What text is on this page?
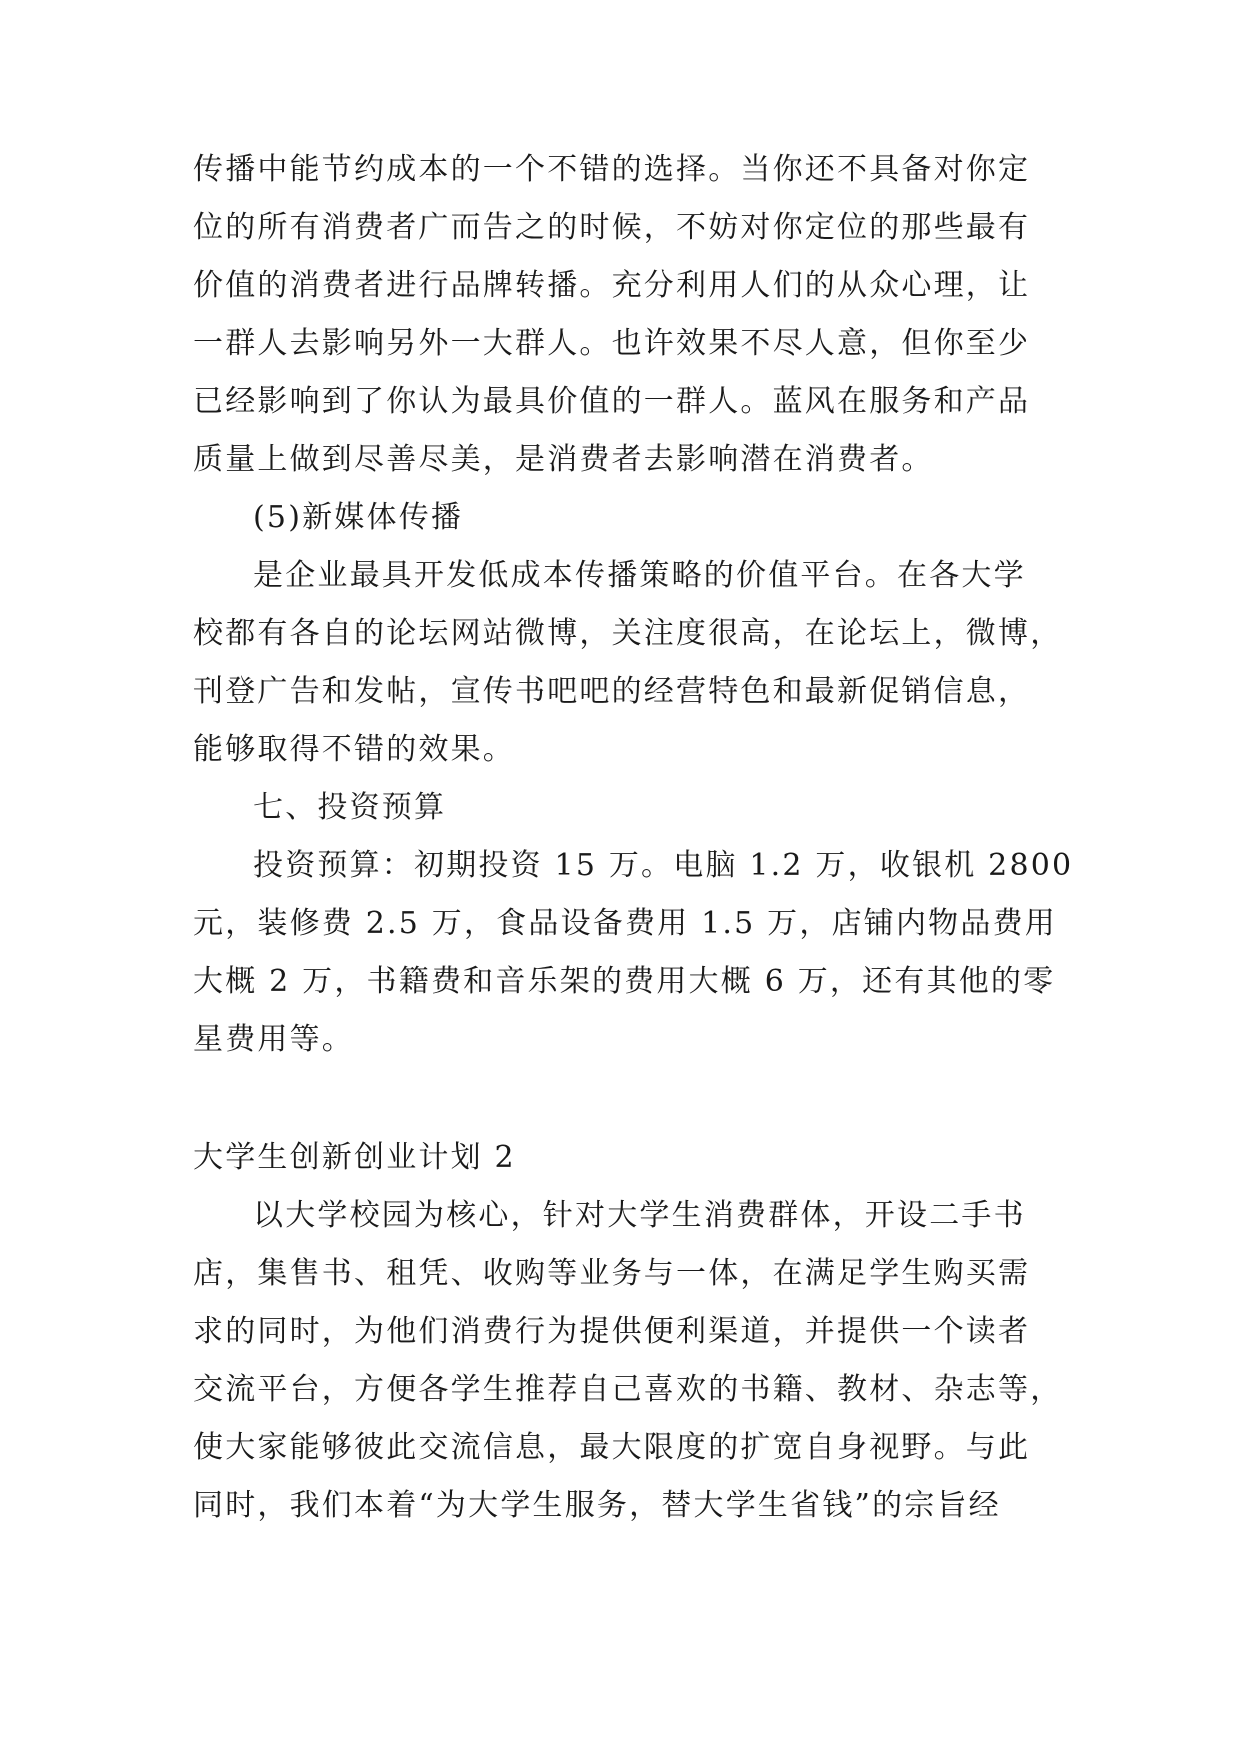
传播中能节约成本的一个不错的选择。当你还不具备对你定
位的所有消费者广而告之的时候，不妨对你定位的那些最有
价值的消费者进行品牌转播。充分利用人们的从众心理，让
一群人去影响另外一大群人。也许效果不尽人意，但你至少
已经影响到了你认为最具价值的一群人。蓝风在服务和产品
质量上做到尽善尽美，是消费者去影响潜在消费者。
(5)新媒体传播
是企业最具开发低成本传播策略的价值平台。在各大学
校都有各自的论坛网站微博，关注度很高，在论坛上，微博，
刊登广告和发帖，宣传书吧吧的经营特色和最新促销信息，
能够取得不错的效果。
七、投资预算
投资预算：初期投资 15 万。电脑 1.2 万，收银机 2800
元，装修费 2.5 万，食品设备费用 1.5 万，店铺内物品费用
大概 2 万，书籍费和音乐架的费用大概 6 万，还有其他的零
星费用等。
大学生创新创业计划 2
以大学校园为核心，针对大学生消费群体，开设二手书
店，集售书、租凭、收购等业务与一体，在满足学生购买需
求的同时，为他们消费行为提供便利渠道，并提供一个读者
交流平台，方便各学生推荐自己喜欢的书籍、教材、杂志等，
使大家能够彼此交流信息，最大限度的扩宽自身视野。与此
同时，我们本着“为大学生服务，替大学生省钱”的宗旨经
